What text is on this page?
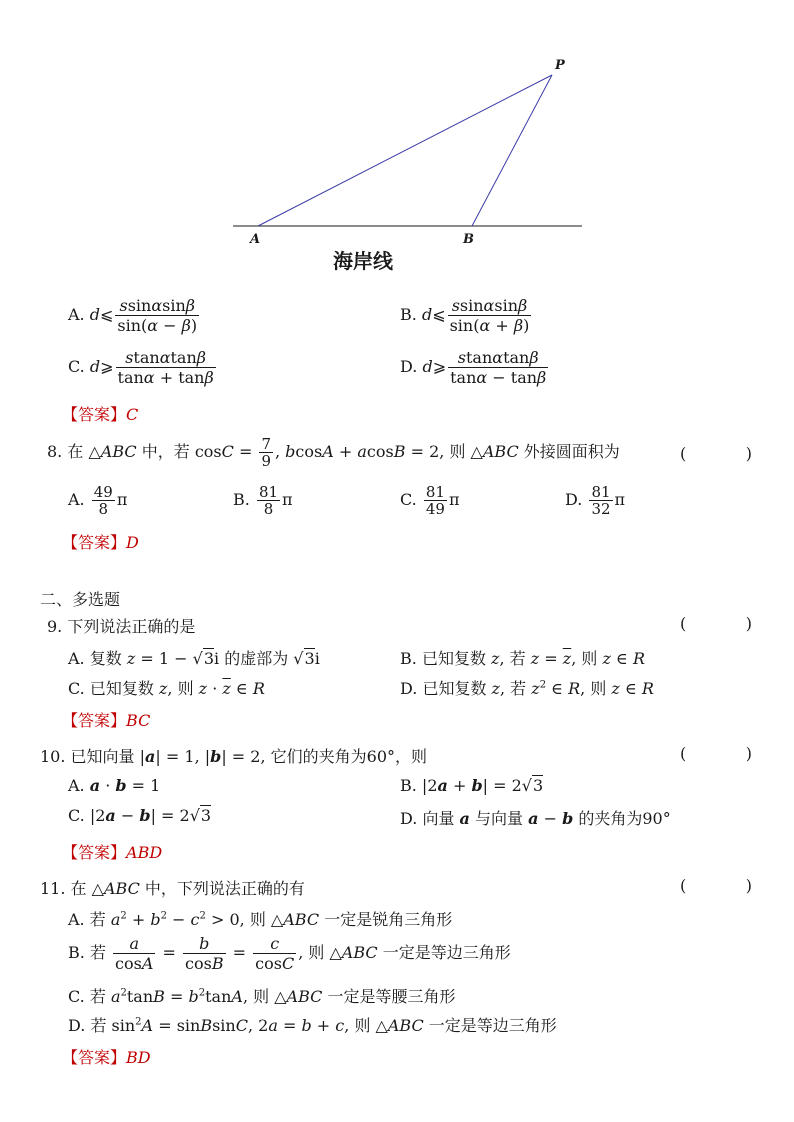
P
A	B
海岸线
A. d⩽ $\frac{ssin\alpha\sin\beta}{\sin(\alpha - \beta)}$	B. d⩽ $\frac{ssin\alpha\sin\beta}{\sin(\alpha + \beta)}$
C. d⩾ $\frac{stan\alpha\tan\beta}{\tan\alpha + \tan\beta}$	D. d⩾ $\frac{stan\alpha\tan\beta}{\tan\alpha - \tan\beta}$
【答案】C
8. 在 △ABC 中，若 $\cos C = \frac{7}{9}$ , bcosA + acosB = 2, 则 △ABC 外接圆面积为	(	)
A. $\frac{49}{8}$ π	B. $\frac{81}{8}$ π	C. $\frac{81}{49}$ π	D. $\frac{81}{32}$ π
【答案】D
二、多选题
9. 下列说法正确的是	(	)
A. 复数 z = 1 − √3i 的虚部为 √3i	B. 已知复数 z, 若 $z = \overline{z}$, 则 z ∈ R
C. 已知复数 z, 则 $z \cdot \overline{z}$ ∈ R	D. 已知复数 z, 若 $z^2$ ∈ R, 则 z ∈ R
【答案】BC
10. 已知向量 |a| = 1, |b| = 2, 它们的夹角为60°，则	(	)
A. a · b = 1	B. |2a + b| = 2√3
C. |2a − b| = 2√3	D. 向量 a 与向量 a − b 的夹角为90°
【答案】ABD
11. 在 △ABC 中，下列说法正确的有	(	)
A. 若 $a^2 + b^2 - c^2 > 0$, 则 △ABC 一定是锐角三角形
B. 若 $\frac{a}{\cos A} = \frac{b}{\cos B} = \frac{c}{\cos C}$ , 则 △ABC 一定是等边三角形
C. 若 $a^2\tan B = b^2\tan A$, 则 △ABC 一定是等腰三角形
D. 若 $\sin^2A$ = sinBsinC, 2a = b + c, 则 △ABC 一定是等边三角形
【答案】BD
